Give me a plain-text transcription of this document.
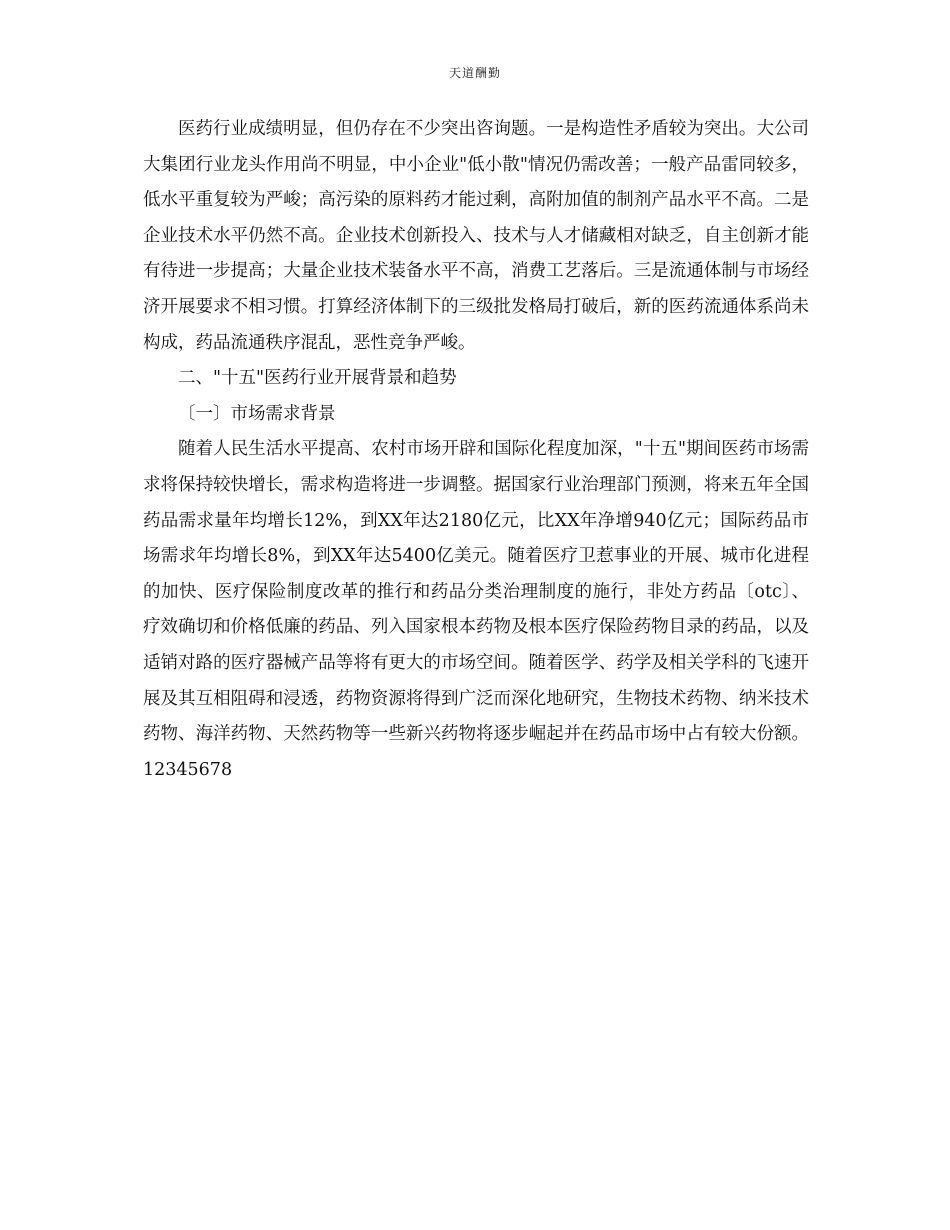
天道酬勤

医药行业成绩明显，但仍存在不少突出咨询题。一是构造性矛盾较为突出。大公司大集团行业龙头作用尚不明显，中小企业"低小散"情况仍需改善；一般产品雷同较多，低水平重复较为严峻；高污染的原料药才能过剩，高附加值的制剂产品水平不高。二是企业技术水平仍然不高。企业技术创新投入、技术与人才储藏相对缺乏，自主创新才能有待进一步提高；大量企业技术装备水平不高，消费工艺落后。三是流通体制与市场经济开展要求不相习惯。打算经济体制下的三级批发格局打破后，新的医药流通体系尚未构成，药品流通秩序混乱，恶性竞争严峻。

二、"十五"医药行业开展背景和趋势

〔一〕市场需求背景

随着人民生活水平提高、农村市场开辟和国际化程度加深，"十五"期间医药市场需求将保持较快增长，需求构造将进一步调整。据国家行业治理部门预测，将来五年全国药品需求量年均增长12%，到XX年达2180亿元，比XX年净增940亿元；国际药品市场需求年均增长8%，到XX年达5400亿美元。随着医疗卫惹事业的开展、城市化进程的加快、医疗保险制度改革的推行和药品分类治理制度的施行，非处方药品〔otc〕、疗效确切和价格低廉的药品、列入国家根本药物及根本医疗保险药物目录的药品，以及适销对路的医疗器械产品等将有更大的市场空间。随着医学、药学及相关学科的飞速开展及其互相阻碍和浸透，药物资源将得到广泛而深化地研究，生物技术药物、纳米技术药物、海洋药物、天然药物等一些新兴药物将逐步崛起并在药品市场中占有较大份额。12345678
